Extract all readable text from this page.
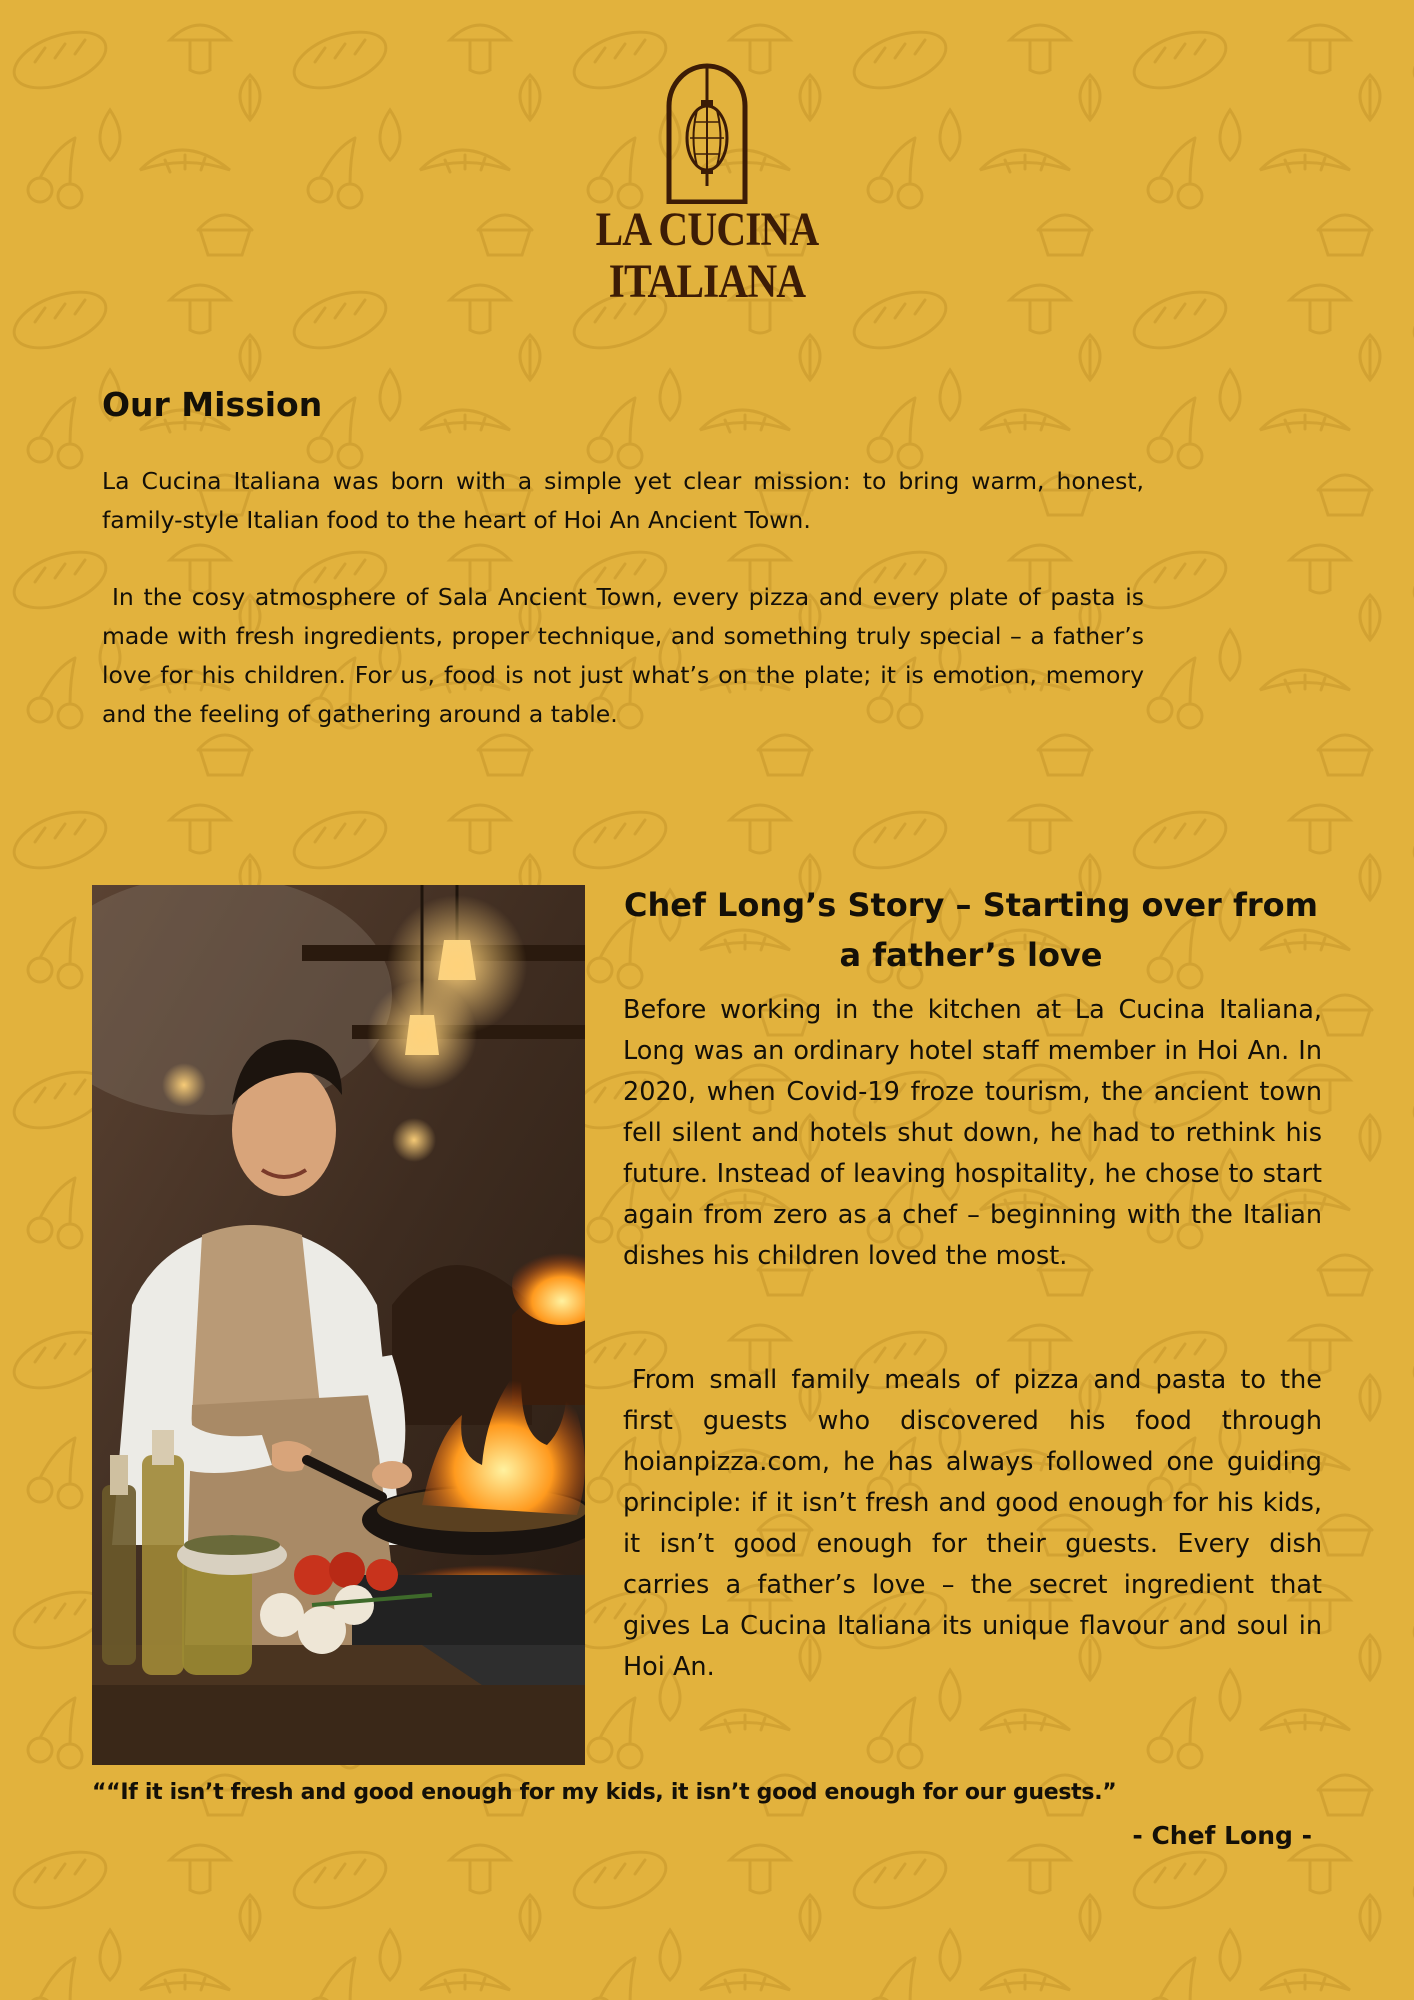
LA CUCINA
ITALIANA
Our Mission

La Cucina Italiana was born with a simple yet clear mission: to bring warm, honest, family-style Italian food to the heart of Hoi An Ancient Town.

In the cosy atmosphere of Sala Ancient Town, every pizza and every plate of pasta is made with fresh ingredients, proper technique, and something truly special – a father’s love for his children. For us, food is not just what’s on the plate; it is emotion, memory and the feeling of gathering around a table.

Chef Long’s Story – Starting over from a father’s love

Before working in the kitchen at La Cucina Italiana, Long was an ordinary hotel staff member in Hoi An. In 2020, when Covid-19 froze tourism, the ancient town fell silent and hotels shut down, he had to rethink his future. Instead of leaving hospitality, he chose to start again from zero as a chef – beginning with the Italian dishes his children loved the most.

From small family meals of pizza and pasta to the first guests who discovered his food through hoianpizza.com, he has always followed one guiding principle: if it isn’t fresh and good enough for his kids, it isn’t good enough for their guests. Every dish carries a father’s love – the secret ingredient that gives La Cucina Italiana its unique flavour and soul in Hoi An.

““If it isn’t fresh and good enough for my kids, it isn’t good enough for our guests.”

- Chef Long -
